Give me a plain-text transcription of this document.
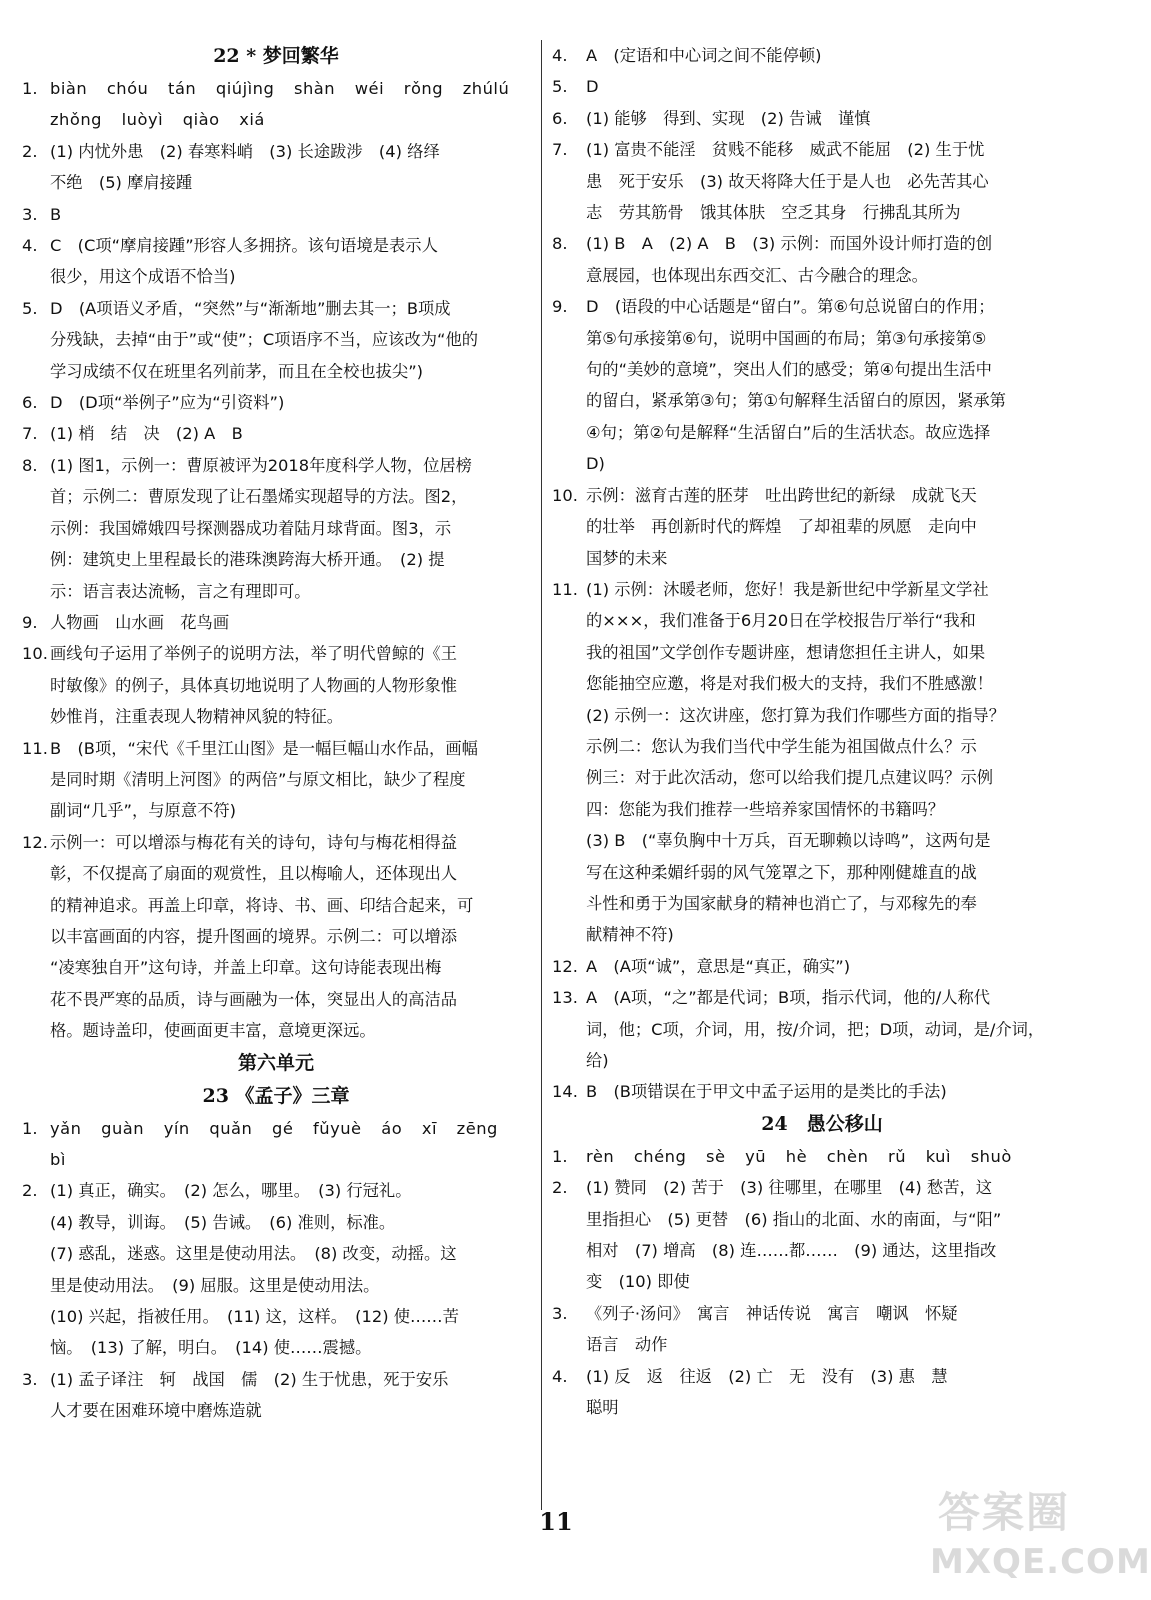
22 * 梦回繁华
1. biàn chóu tán qiújìng shàn wéi rǒng zhúlú
zhǒng luòyì qiào xiá
2. (1) 内忧外患　(2) 春寒料峭　(3) 长途跋涉　(4) 络绎
不绝　(5) 摩肩接踵
3. B
4. C　(C项“摩肩接踵”形容人多拥挤。该句语境是表示人
很少，用这个成语不恰当)
5. D　(A项语义矛盾，“突然”与“渐渐地”删去其一；B项成
分残缺，去掉“由于”或“使”；C项语序不当，应该改为“他的
学习成绩不仅在班里名列前茅，而且在全校也拔尖”)
6. D　(D项“举例子”应为“引资料”)
7. (1) 梢　结　决　(2) A　B
8. (1) 图1，示例一：曹原被评为2018年度科学人物，位居榜
首；示例二：曹原发现了让石墨烯实现超导的方法。图2，
示例：我国嫦娥四号探测器成功着陆月球背面。图3，示
例：建筑史上里程最长的港珠澳跨海大桥开通。　(2) 提
示：语言表达流畅，言之有理即可。
9. 人物画　山水画　花鸟画
10. 画线句子运用了举例子的说明方法，举了明代曾鲸的《王
时敏像》的例子，具体真切地说明了人物画的人物形象惟
妙惟肖，注重表现人物精神风貌的特征。
11. B　(B项，“宋代《千里江山图》是一幅巨幅山水作品，画幅
是同时期《清明上河图》的两倍”与原文相比，缺少了程度
副词“几乎”，与原意不符)
12. 示例一：可以增添与梅花有关的诗句，诗句与梅花相得益
彰，不仅提高了扇面的观赏性，且以梅喻人，还体现出人
的精神追求。再盖上印章，将诗、书、画、印结合起来，可
以丰富画面的内容，提升图画的境界。示例二：可以增添
“凌寒独自开”这句诗，并盖上印章。这句诗能表现出梅
花不畏严寒的品质，诗与画融为一体，突显出人的高洁品
格。题诗盖印，使画面更丰富，意境更深远。
第六单元
23 《孟子》三章
1. yǎn guàn yín quǎn gé fǔyuè áo xī zēng
bì
2. (1) 真正，确实。　(2) 怎么，哪里。　(3) 行冠礼。
(4) 教导，训诲。　(5) 告诫。　(6) 准则，标准。
(7) 惑乱，迷惑。这里是使动用法。　(8) 改变，动摇。这
里是使动用法。　(9) 屈服。这里是使动用法。
(10) 兴起，指被任用。　(11) 这，这样。　(12) 使……苦
恼。　(13) 了解，明白。　(14) 使……震撼。
3. (1) 孟子译注　轲　战国　儒　(2) 生于忧患，死于安乐
人才要在困难环境中磨炼造就
4.	A　(定语和中心词之间不能停顿)
5.	D
6.	(1) 能够　得到、实现　(2) 告诫　谨慎
7.	(1) 富贵不能淫　贫贱不能移　威武不能屈　(2) 生于忧
患　死于安乐　(3) 故天将降大任于是人也　必先苦其心
志　劳其筋骨　饿其体肤　空乏其身　行拂乱其所为
8.	(1) B　A　(2) A　B　(3) 示例：而国外设计师打造的创
意展园，也体现出东西交汇、古今融合的理念。
9.	D　(语段的中心话题是“留白”。第⑥句总说留白的作用；
第⑤句承接第⑥句，说明中国画的布局；第③句承接第⑤
句的“美妙的意境”，突出人们的感受；第④句提出生活中
的留白，紧承第③句；第①句解释生活留白的原因，紧承第
④句；第②句是解释“生活留白”后的生活状态。故应选择
D)
10. 示例：滋育古莲的胚芽　吐出跨世纪的新绿　成就飞天
的壮举　再创新时代的辉煌　了却祖辈的夙愿　走向中
国梦的未来
11. (1) 示例：沐暖老师，您好！我是新世纪中学新星文学社
的×××，我们准备于6月20日在学校报告厅举行“我和
我的祖国”文学创作专题讲座，想请您担任主讲人，如果
您能抽空应邀，将是对我们极大的支持，我们不胜感激！
(2) 示例一：这次讲座，您打算为我们作哪些方面的指导？
示例二：您认为我们当代中学生能为祖国做点什么？示
例三：对于此次活动，您可以给我们提几点建议吗？示例
四：您能为我们推荐一些培养家国情怀的书籍吗？
(3) B　(“辜负胸中十万兵，百无聊赖以诗鸣”，这两句是
写在这种柔媚纤弱的风气笼罩之下，那种刚健雄直的战
斗性和勇于为国家献身的精神也消亡了，与邓稼先的奉
献精神不符)
12. A　(A项“诚”，意思是“真正，确实”)
13. A　(A项，“之”都是代词；B项，指示代词，他的/人称代
词，他；C项，介词，用，按/介词，把；D项，动词，是/介词，
给)
14. B　(B项错误在于甲文中孟子运用的是类比的手法)
24　愚公移山
1.	rèn chéng sè yū hè chèn rǔ kuì shuò
2.	(1) 赞同　(2) 苦于　(3) 往哪里，在哪里　(4) 愁苦，这
里指担心　(5) 更替　(6) 指山的北面、水的南面，与“阳”
相对　(7) 增高　(8) 连……都……　(9) 通达，这里指改
变　(10) 即使
3.	《列子·汤问》　寓言　神话传说　寓言　嘲讽　怀疑
语言　动作
4.	(1) 反　返　往返　(2) 亡　无　没有　(3) 惠　慧
聪明
11	答案圈
MXQE.COM
